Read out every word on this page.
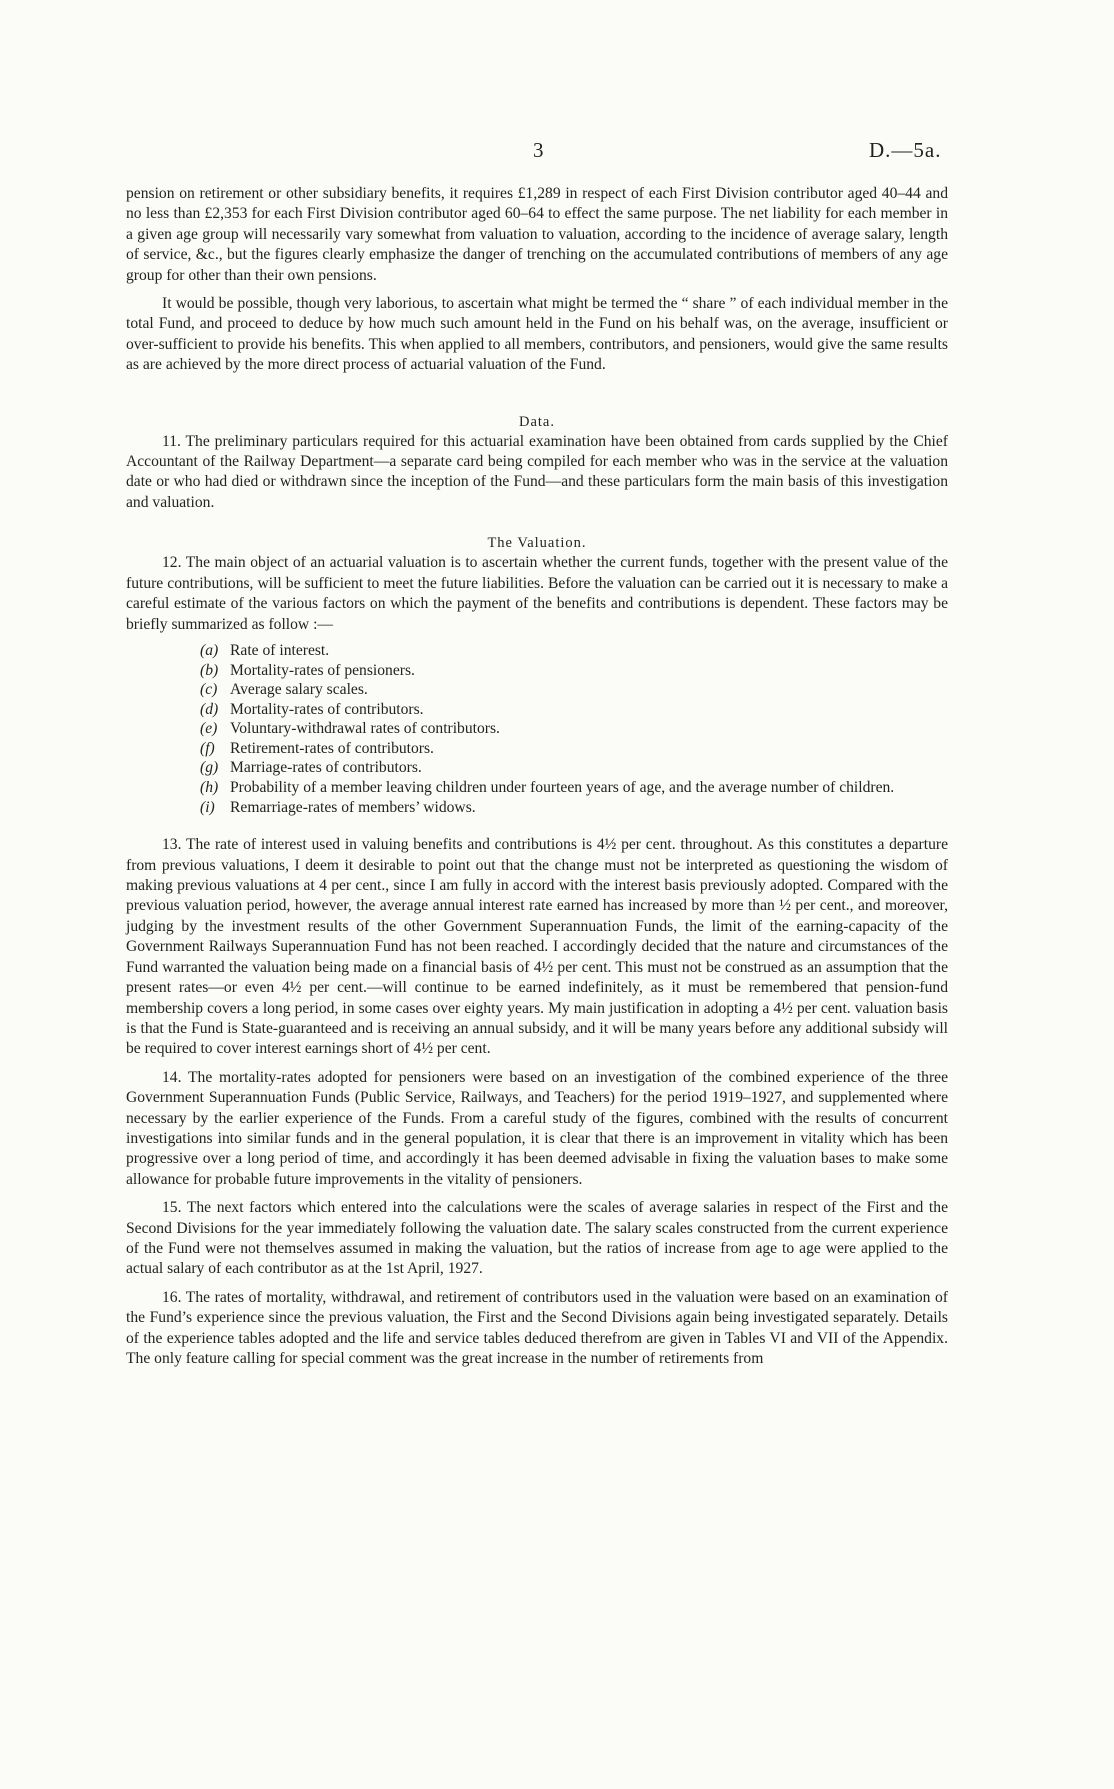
3	D.—5a.

pension on retirement or other subsidiary benefits, it requires £1,289 in respect of each First Division contributor aged 40–44 and no less than £2,353 for each First Division contributor aged 60–64 to effect the same purpose. The net liability for each member in a given age group will necessarily vary somewhat from valuation to valuation, according to the incidence of average salary, length of service, &c., but the figures clearly emphasize the danger of trenching on the accumulated contributions of members of any age group for other than their own pensions.

It would be possible, though very laborious, to ascertain what might be termed the “ share ” of each individual member in the total Fund, and proceed to deduce by how much such amount held in the Fund on his behalf was, on the average, insufficient or over-sufficient to provide his benefits. This when applied to all members, contributors, and pensioners, would give the same results as are achieved by the more direct process of actuarial valuation of the Fund.

Data.

11. The preliminary particulars required for this actuarial examination have been obtained from cards supplied by the Chief Accountant of the Railway Department—a separate card being compiled for each member who was in the service at the valuation date or who had died or withdrawn since the inception of the Fund—and these particulars form the main basis of this investigation and valuation.

The Valuation.

12. The main object of an actuarial valuation is to ascertain whether the current funds, together with the present value of the future contributions, will be sufficient to meet the future liabilities. Before the valuation can be carried out it is necessary to make a careful estimate of the various factors on which the payment of the benefits and contributions is dependent. These factors may be briefly summarized as follow :—

(a) Rate of interest.
(b) Mortality-rates of pensioners.
(c) Average salary scales.
(d) Mortality-rates of contributors.
(e) Voluntary-withdrawal rates of contributors.
(f) Retirement-rates of contributors.
(g) Marriage-rates of contributors.
(h) Probability of a member leaving children under fourteen years of age, and the average number of children.
(i) Remarriage-rates of members’ widows.

13. The rate of interest used in valuing benefits and contributions is 4½ per cent. throughout. As this constitutes a departure from previous valuations, I deem it desirable to point out that the change must not be interpreted as questioning the wisdom of making previous valuations at 4 per cent., since I am fully in accord with the interest basis previously adopted. Compared with the previous valuation period, however, the average annual interest rate earned has increased by more than ½ per cent., and moreover, judging by the investment results of the other Government Superannuation Funds, the limit of the earning-capacity of the Government Railways Superannuation Fund has not been reached. I accordingly decided that the nature and circumstances of the Fund warranted the valuation being made on a financial basis of 4½ per cent. This must not be construed as an assumption that the present rates—or even 4½ per cent.—will continue to be earned indefinitely, as it must be remembered that pension-fund membership covers a long period, in some cases over eighty years. My main justification in adopting a 4½ per cent. valuation basis is that the Fund is State-guaranteed and is receiving an annual subsidy, and it will be many years before any additional subsidy will be required to cover interest earnings short of 4½ per cent.

14. The mortality-rates adopted for pensioners were based on an investigation of the combined experience of the three Government Superannuation Funds (Public Service, Railways, and Teachers) for the period 1919–1927, and supplemented where necessary by the earlier experience of the Funds. From a careful study of the figures, combined with the results of concurrent investigations into similar funds and in the general population, it is clear that there is an improvement in vitality which has been progressive over a long period of time, and accordingly it has been deemed advisable in fixing the valuation bases to make some allowance for probable future improvements in the vitality of pensioners.

15. The next factors which entered into the calculations were the scales of average salaries in respect of the First and the Second Divisions for the year immediately following the valuation date. The salary scales constructed from the current experience of the Fund were not themselves assumed in making the valuation, but the ratios of increase from age to age were applied to the actual salary of each contributor as at the 1st April, 1927.

16. The rates of mortality, withdrawal, and retirement of contributors used in the valuation were based on an examination of the Fund’s experience since the previous valuation, the First and the Second Divisions again being investigated separately. Details of the experience tables adopted and the life and service tables deduced therefrom are given in Tables VI and VII of the Appendix. The only feature calling for special comment was the great increase in the number of retirements from
